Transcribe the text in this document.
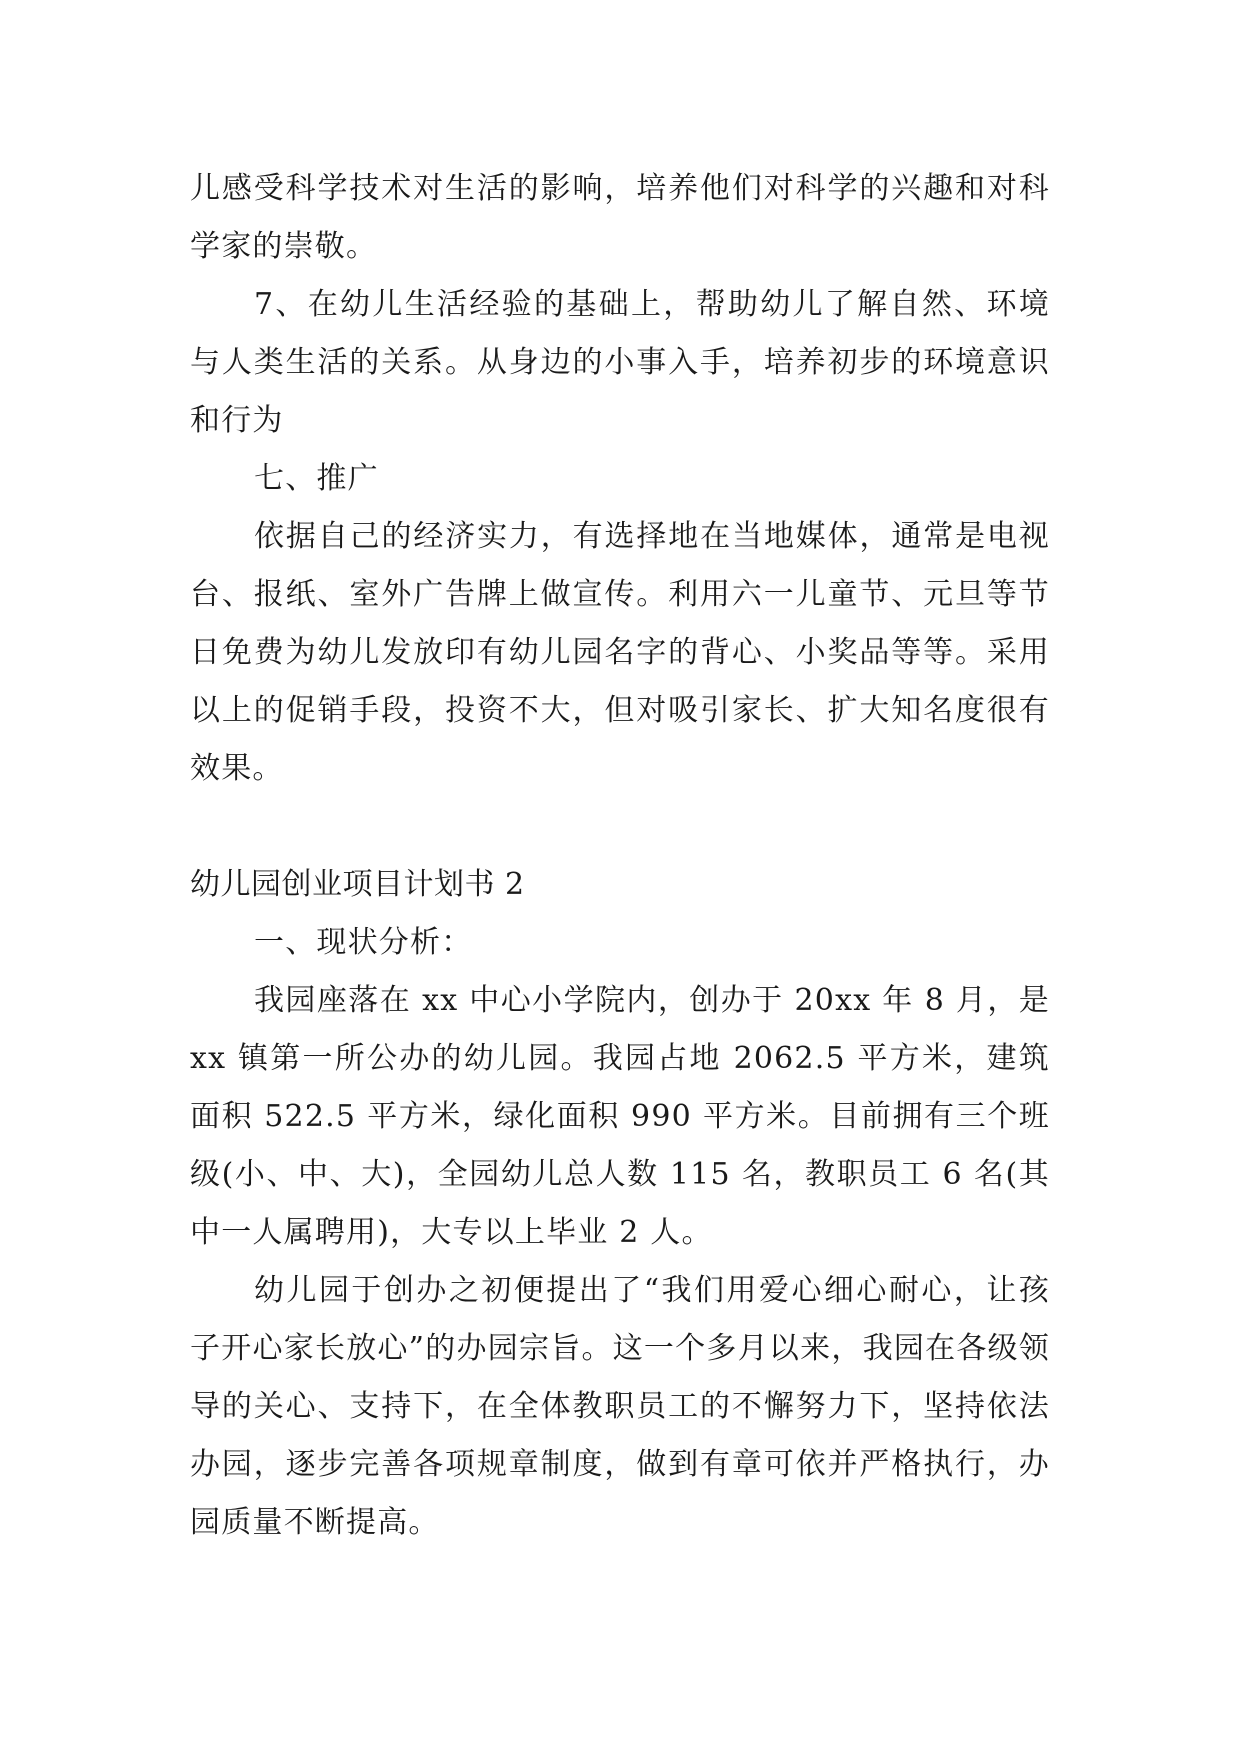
儿感受科学技术对生活的影响，培养他们对科学的兴趣和对科学家的崇敬。

7、在幼儿生活经验的基础上，帮助幼儿了解自然、环境与人类生活的关系。从身边的小事入手，培养初步的环境意识和行为

七、推广

依据自己的经济实力，有选择地在当地媒体，通常是电视台、报纸、室外广告牌上做宣传。利用六一儿童节、元旦等节日免费为幼儿发放印有幼儿园名字的背心、小奖品等等。采用以上的促销手段，投资不大，但对吸引家长、扩大知名度很有效果。

幼儿园创业项目计划书 2

一、现状分析：

我园座落在 xx 中心小学院内，创办于 20xx 年 8 月，是 xx 镇第一所公办的幼儿园。我园占地 2062.5 平方米，建筑面积 522.5 平方米，绿化面积 990 平方米。目前拥有三个班级(小、中、大)，全园幼儿总人数 115 名，教职员工 6 名(其中一人属聘用)，大专以上毕业 2 人。

幼儿园于创办之初便提出了“我们用爱心细心耐心，让孩子开心家长放心”的办园宗旨。这一个多月以来，我园在各级领导的关心、支持下，在全体教职员工的不懈努力下，坚持依法办园，逐步完善各项规章制度，做到有章可依并严格执行，办园质量不断提高。
